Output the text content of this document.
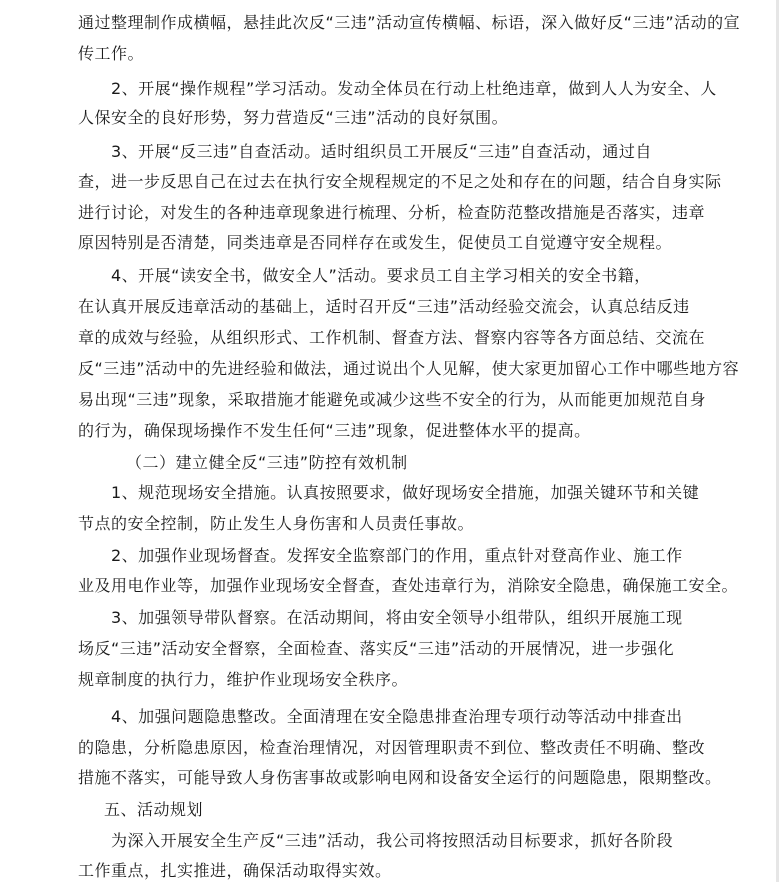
通过整理制作成横幅，悬挂此次反“三违”活动宣传横幅、标语，深入做好反“三违”活动的宣
传工作。
2、开展“操作规程”学习活动。发动全体员在行动上杜绝违章，做到人人为安全、人
人保安全的良好形势，努力营造反“三违”活动的良好氛围。
3、开展“反三违”自查活动。适时组织员工开展反“三违”自查活动，通过自
查，进一步反思自己在过去在执行安全规程规定的不足之处和存在的问题，结合自身实际
进行讨论，对发生的各种违章现象进行梳理、分析，检查防范整改措施是否落实，违章
原因特别是否清楚，同类违章是否同样存在或发生，促使员工自觉遵守安全规程。
4、开展“读安全书，做安全人”活动。要求员工自主学习相关的安全书籍，
在认真开展反违章活动的基础上，适时召开反“三违”活动经验交流会，认真总结反违
章的成效与经验，从组织形式、工作机制、督查方法、督察内容等各方面总结、交流在
反“三违”活动中的先进经验和做法，通过说出个人见解，使大家更加留心工作中哪些地方容
易出现“三违”现象，采取措施才能避免或减少这些不安全的行为，从而能更加规范自身
的行为，确保现场操作不发生任何“三违”现象，促进整体水平的提高。
（二）建立健全反“三违”防控有效机制
1、规范现场安全措施。认真按照要求，做好现场安全措施，加强关键环节和关键
节点的安全控制，防止发生人身伤害和人员责任事故。
2、加强作业现场督查。发挥安全监察部门的作用，重点针对登高作业、施工作
业及用电作业等，加强作业现场安全督查，查处违章行为，消除安全隐患，确保施工安全。
3、加强领导带队督察。在活动期间，将由安全领导小组带队，组织开展施工现
场反“三违”活动安全督察，全面检查、落实反“三违”活动的开展情况，进一步强化
规章制度的执行力，维护作业现场安全秩序。
4、加强问题隐患整改。全面清理在安全隐患排查治理专项行动等活动中排查出
的隐患，分析隐患原因，检查治理情况，对因管理职责不到位、整改责任不明确、整改
措施不落实，可能导致人身伤害事故或影响电网和设备安全运行的问题隐患，限期整改。
五、活动规划
为深入开展安全生产反“三违”活动，我公司将按照活动目标要求，抓好各阶段
工作重点，扎实推进，确保活动取得实效。
